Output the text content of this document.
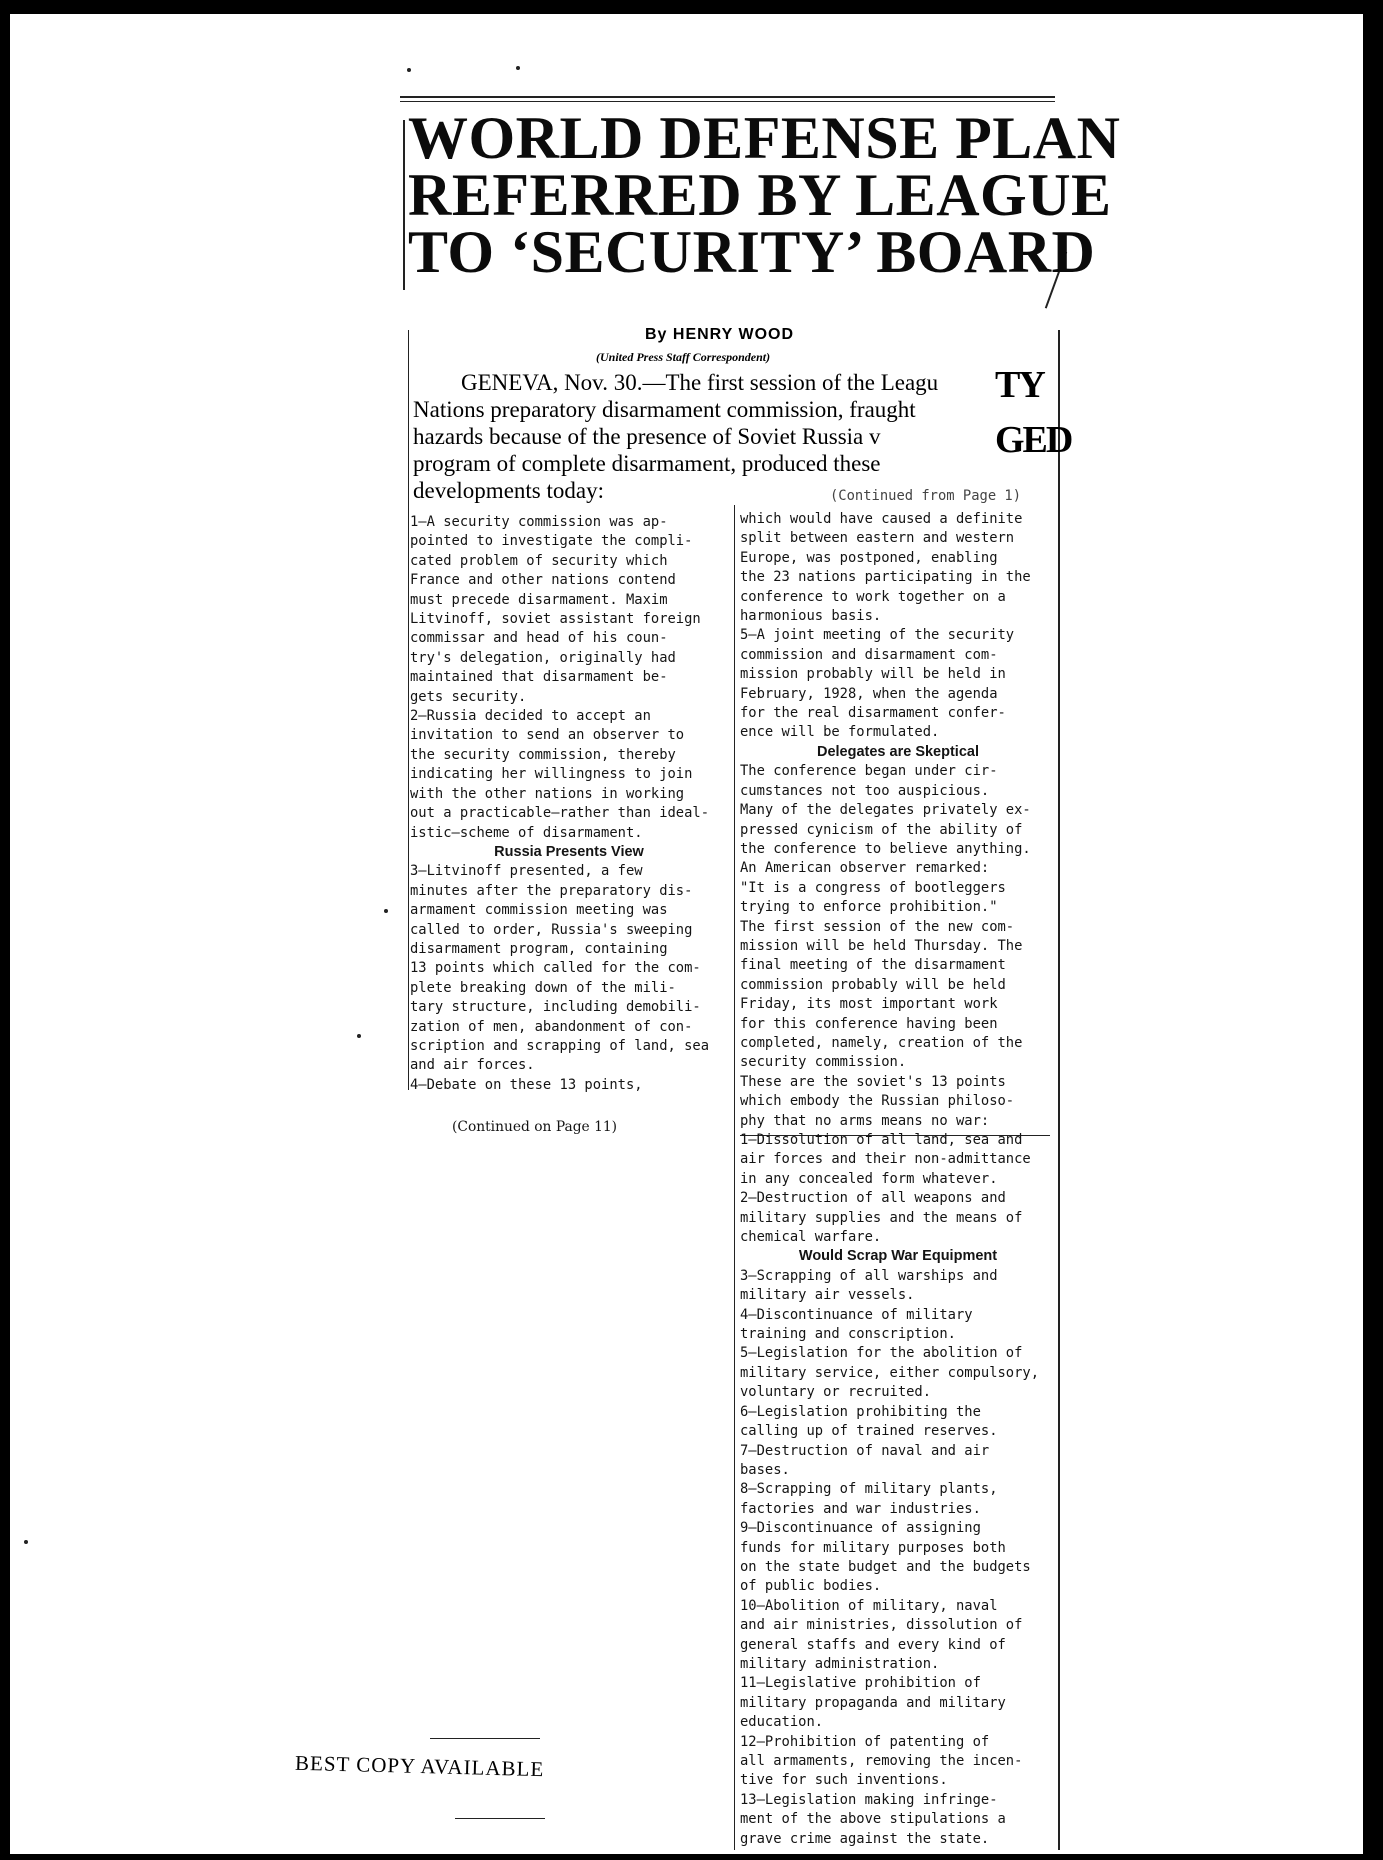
WORLD DEFENSE PLAN
REFERRED BY LEAGUE
TO ‘SECURITY’ BOARD
By HENRY WOOD
(United Press Staff Correspondent)
GENEVA, Nov. 30.—The first session of the Leagu
Nations preparatory disarmament commission, fraught
hazards because of the presence of Soviet Russia v
program of complete disarmament, produced these
developments today:
TY
GED

1—A security commission was ap-

pointed to investigate the compli-

cated problem of security which

France and other nations contend

must precede disarmament. Maxim

Litvinoff, soviet assistant foreign

commissar and head of his coun-

try's delegation, originally had

maintained that disarmament be-

gets security.

2—Russia decided to accept an

invitation to send an observer to

the security commission, thereby

indicating her willingness to join

with the other nations in working

out a practicable—rather than ideal-

istic—scheme of disarmament.

Russia Presents View

3—Litvinoff presented, a few

minutes after the preparatory dis-

armament commission meeting was

called to order, Russia's sweeping

disarmament program, containing

13 points which called for the com-

plete breaking down of the mili-

tary structure, including demobili-

zation of men, abandonment of con-

scription and scrapping of land, sea

and air forces.

4—Debate on these 13 points,

(Continued on Page 11)
(Continued from Page 1)

which would have caused a definite

split between eastern and western

Europe, was postponed, enabling

the 23 nations participating in the

conference to work together on a

harmonious basis.

5—A joint meeting of the security

commission and disarmament com-

mission probably will be held in

February, 1928, when the agenda

for the real disarmament confer-

ence will be formulated.

Delegates are Skeptical

The conference began under cir-

cumstances not too auspicious.

Many of the delegates privately ex-

pressed cynicism of the ability of

the conference to believe anything.

An American observer remarked:

"It is a congress of bootleggers

trying to enforce prohibition."

The first session of the new com-

mission will be held Thursday. The

final meeting of the disarmament

commission probably will be held

Friday, its most important work

for this conference having been

completed, namely, creation of the

security commission.

These are the soviet's 13 points

which embody the Russian philoso-

phy that no arms means no war:

1—Dissolution of all land, sea and

air forces and their non-admittance

in any concealed form whatever.

2—Destruction of all weapons and

military supplies and the means of

chemical warfare.

Would Scrap War Equipment

3—Scrapping of all warships and

military air vessels.

4—Discontinuance of military

training and conscription.

5—Legislation for the abolition of

military service, either compulsory,

voluntary or recruited.

6—Legislation prohibiting the

calling up of trained reserves.

7—Destruction of naval and air

bases.

8—Scrapping of military plants,

factories and war industries.

9—Discontinuance of assigning

funds for military purposes both

on the state budget and the budgets

of public bodies.

10—Abolition of military, naval

and air ministries, dissolution of

general staffs and every kind of

military administration.

11—Legislative prohibition of

military propaganda and military

education.

12—Prohibition of patenting of

all armaments, removing the incen-

tive for such inventions.

13—Legislation making infringe-

ment of the above stipulations a

grave crime against the state.

BEST COPY AVAILABLE
